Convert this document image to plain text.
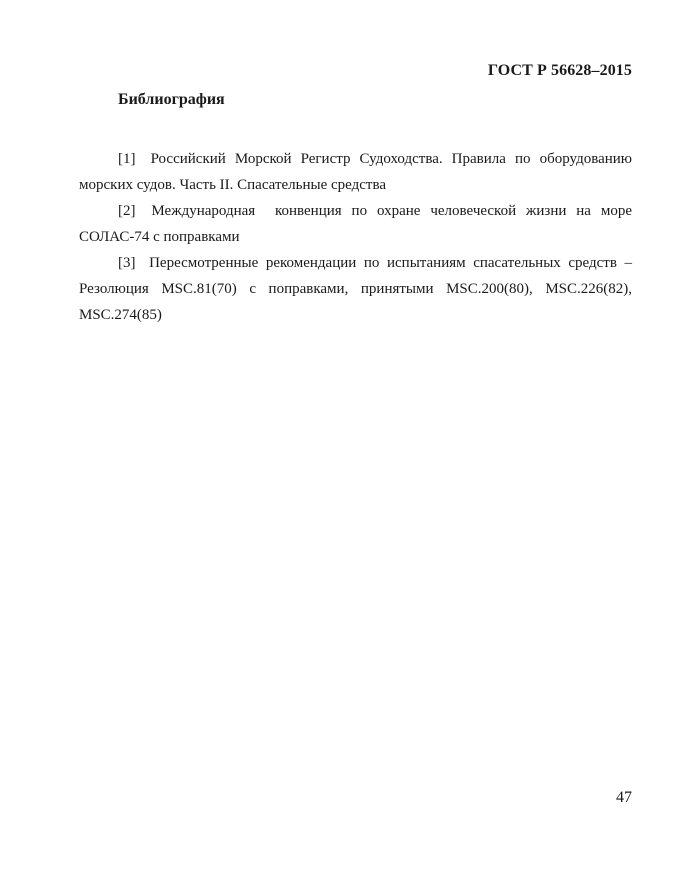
ГОСТ Р 56628–2015
Библиография

[1] Российский Морской Регистр Судоходства. Правила по оборудованию морских судов. Часть II. Спасательные средства

[2] Международная  конвенция по охране человеческой жизни на море СОЛАС-74 с поправками

[3] Пересмотренные рекомендации по испытаниям спасательных средств – Резолюция MSC.81(70) с поправками, принятыми MSC.200(80), MSC.226(82), MSC.274(85)

47
